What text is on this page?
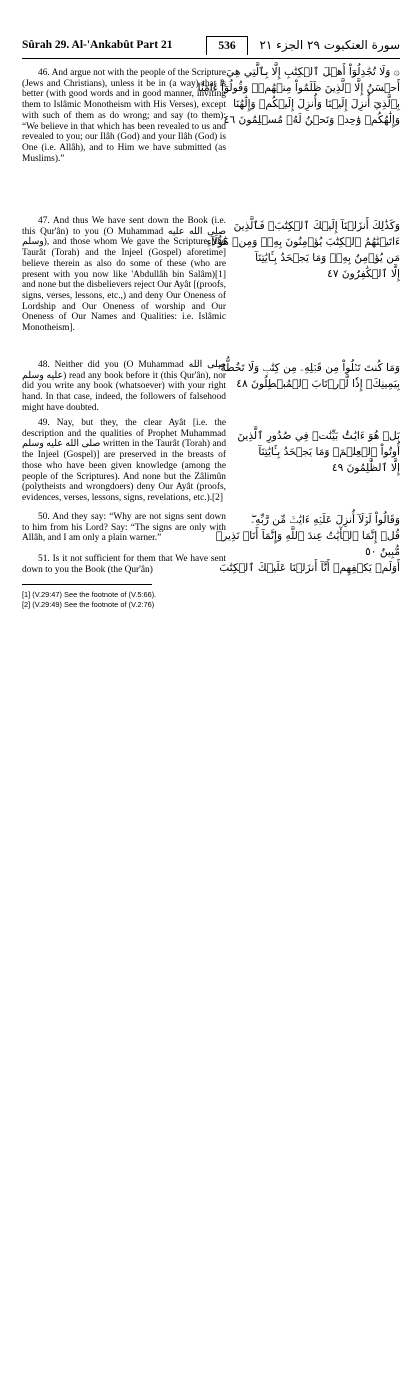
Sûrah 29. Al-'Ankabût Part 21	536	سورة العنكبوت ٢٩ الجزء ٢١

46. And argue not with the people of the Scripture (Jews and Christians), unless it be in (a way) that is better (with good words and in good manner, inviting them to Islâmic Monotheism with His Verses), except with such of them as do wrong; and say (to them): “We believe in that which has been revealed to us and revealed to you; our Ilâh (God) and your Ilâh (God) is One (i.e. Allâh), and to Him we have submitted (as Muslims).”

۞ وَلَا تُجَٰدِلُوٓاْ أَهۡلَ ٱلۡكِتَٰبِ إِلَّا بِٱلَّتِي هِيَ
أَحۡسَنُ إِلَّا ٱلَّذِينَ ظَلَمُواْ مِنۡهُمۡۖ وَقُولُوٓاْ ءَامَنَّا
بِٱلَّذِيٓ أُنزِلَ إِلَيۡنَا وَأُنزِلَ إِلَيۡكُمۡ وَإِلَٰهُنَا
وَإِلَٰهُكُمۡ وَٰحِدٞ وَنَحۡنُ لَهُۥ مُسۡلِمُونَ ٤٦

47. And thus We have sent down the Book (i.e. this Qur'ân) to you (O Muhammad صلى الله عليه وسلم), and those whom We gave the Scripture [the Taurât (Torah) and the Injeel (Gospel) aforetime] believe therein as also do some of these (who are present with you now like 'Abdullâh bin Salâm)[1] and none but the disbelievers reject Our Ayât [(proofs, signs, verses, lessons, etc.,) and deny Our Oneness of Lordship and Our Oneness of worship and Our Oneness of Our Names and Qualities: i.e. Islâmic Monotheism].

وَكَذَٰلِكَ أَنزَلۡنَآ إِلَيۡكَ ٱلۡكِتَٰبَۚ فَٱلَّذِينَ
ءَاتَيۡنَٰهُمُ ٱلۡكِتَٰبَ يُؤۡمِنُونَ بِهِۦۖ وَمِنۡ هَٰٓؤُلَآءِ
مَن يُؤۡمِنُ بِهِۦۚ وَمَا يَجۡحَدُ بِـَٔايَٰتِنَآ
إِلَّا ٱلۡكَٰفِرُونَ ٤٧

48. Neither did you (O Muhammad صلى الله عليه وسلم) read any book before it (this Qur'ân), nor did you write any book (whatsoever) with your right hand. In that case, indeed, the followers of falsehood might have doubted.

وَمَا كُنتَ تَتۡلُواْ مِن قَبۡلِهِۦ مِن كِتَٰبٖ وَلَا تَخُطُّهُۥ
بِيَمِينِكَۖ إِذٗا لَّٱرۡتَابَ ٱلۡمُبۡطِلُونَ ٤٨

49. Nay, but they, the clear Ayât [i.e. the description and the qualities of Prophet Muhammad صلى الله عليه وسلم written in the Taurât (Torah) and the Injeel (Gospel)] are preserved in the breasts of those who have been given knowledge (among the people of the Scriptures). And none but the Zâlimûn (polytheists and wrongdoers) deny Our Ayât (proofs, evidences, verses, lessons, signs, revelations, etc.).[2]

بَلۡ هُوَ ءَايَٰتُۢ بَيِّنَٰتٞ فِي صُدُورِ ٱلَّذِينَ
أُوتُواْ ٱلۡعِلۡمَۚ وَمَا يَجۡحَدُ بِـَٔايَٰتِنَآ
إِلَّا ٱلظَّٰلِمُونَ ٤٩

50. And they say: “Why are not signs sent down to him from his Lord? Say: “The signs are only with Allâh, and I am only a plain warner.”

وَقَالُواْ لَوۡلَآ أُنزِلَ عَلَيۡهِ ءَايَٰتٞ مِّن رَّبِّهِۦۖ
قُلۡ إِنَّمَا ٱلۡأٓيَٰتُ عِندَ ٱللَّهِ وَإِنَّمَآ أَنَا۠ نَذِيرٞ
مُّبِينٌ ٥٠

51. Is it not sufficient for them that We have sent down to you the Book (the Qur'ân)	أَوَلَمۡ يَكۡفِهِمۡ أَنَّآ أَنزَلۡنَا عَلَيۡكَ ٱلۡكِتَٰبَ
[1] (V.29:47) See the footnote of (V.5:66).
[2] (V.29:49) See the footnote of (V.2:76)
